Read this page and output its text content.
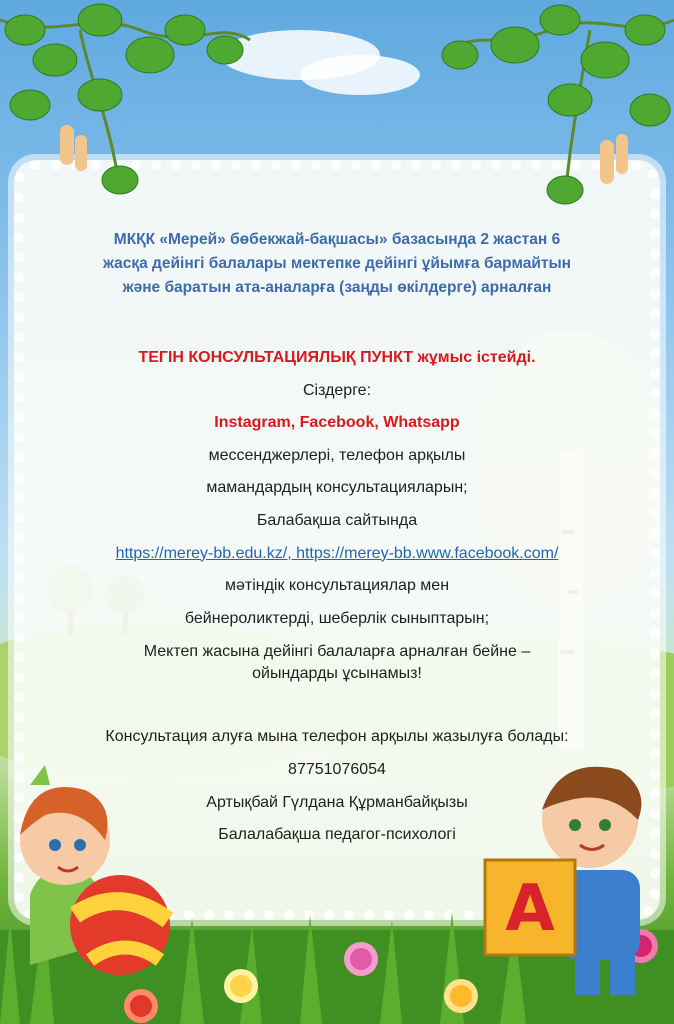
МКҚК «Мерей» бөбекжай-бақшасы» базасында 2 жастан 6

жасқа дейінгі балалары мектепке дейінгі ұйымға бармайтын

және баратын ата-аналарға (заңды өкілдерге) арналған

ТЕГІН КОНСУЛЬТАЦИЯЛЫҚ ПУНКТ жұмыс істейді.

Сіздерге:

Instagram, Facebook, Whatsapp

мессенджерлері, телефон арқылы

мамандардың консультацияларын;

Балабақша сайтында

https://merey-bb.edu.kz/, https://merey-bb.www.facebook.com/

мәтіндік консультациялар мен

бейнероликтерді, шеберлік сыныптарын;

Мектеп жасына дейінгі балаларға арналған бейне –

ойындарды ұсынамыз!

Консультация алуға мына телефон арқылы жазылуға болады:

87751076054

Артықбай Гүлдана Құрманбайқызы

Балалабақша педагог-психологі

A
